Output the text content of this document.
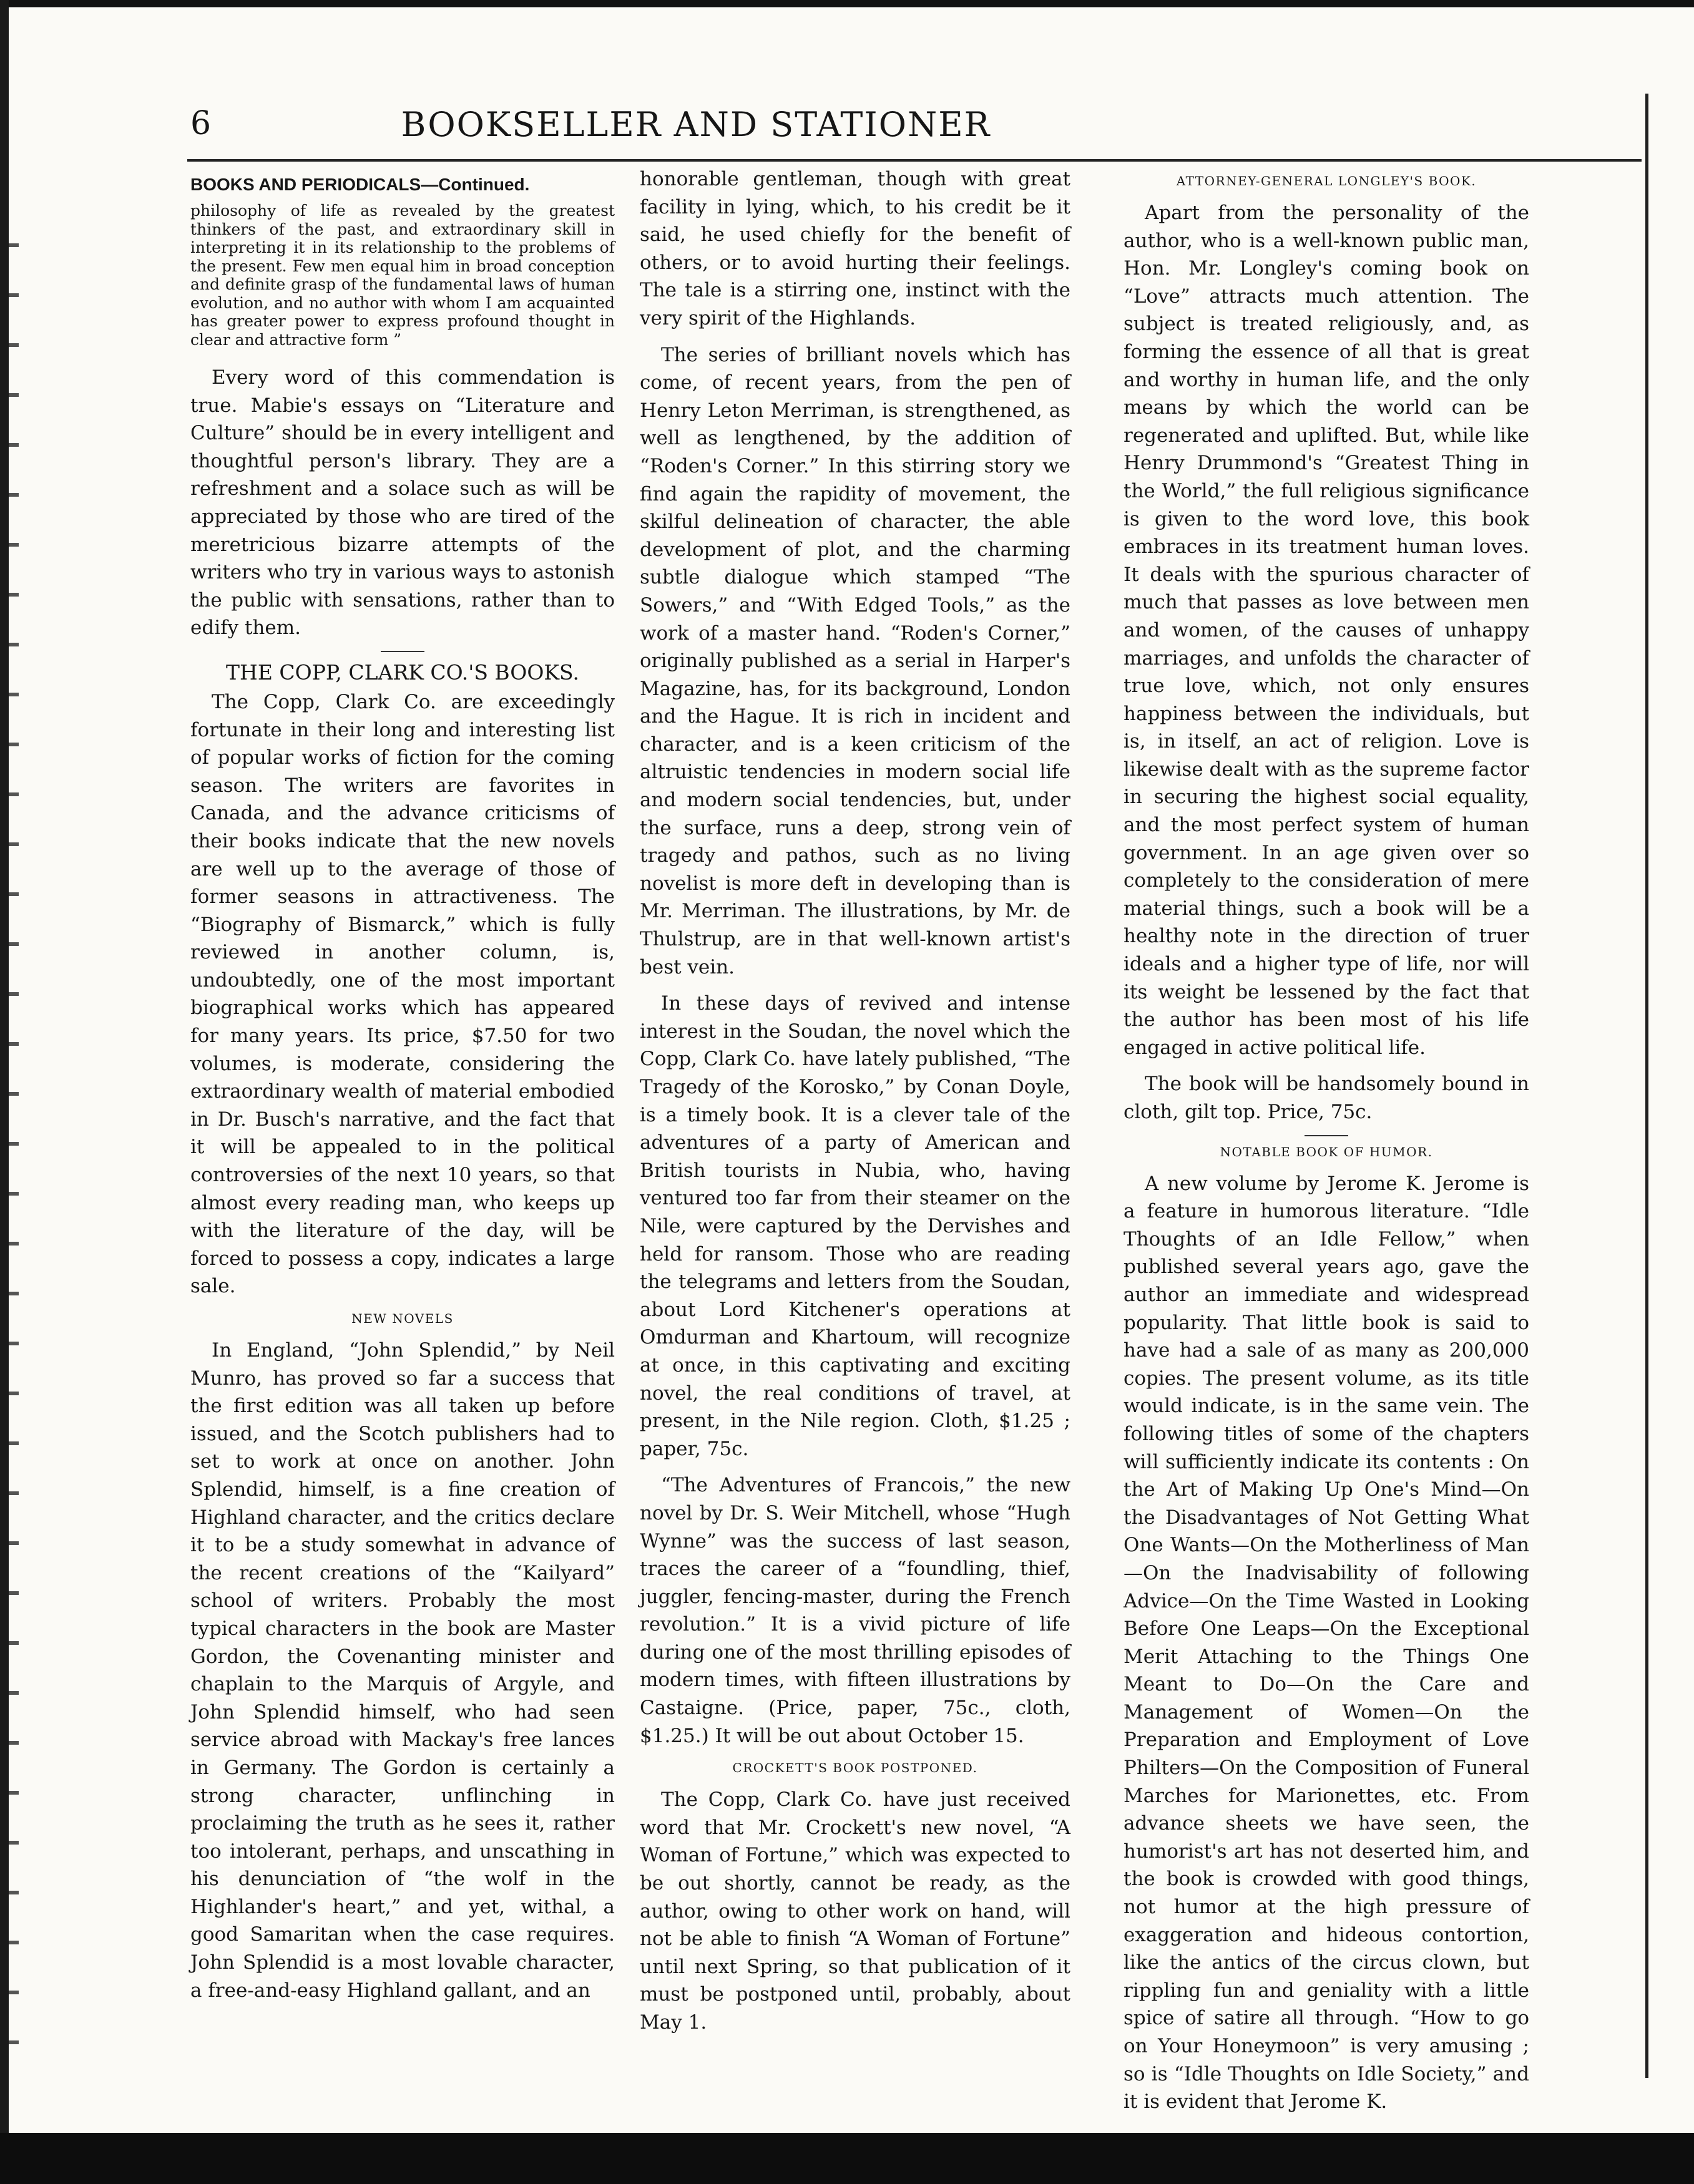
6	BOOKSELLER AND STATIONER
BOOKS AND PERIODICALS—Continued.

philosophy of life as revealed by the greatest thinkers of the past, and extraordinary skill in interpreting it in its relationship to the problems of the present. Few men equal him in broad conception and definite grasp of the fundamental laws of human evolution, and no author with whom I am acquainted has greater power to express profound thought in clear and attractive form ”

Every word of this commendation is true. Mabie's essays on “Literature and Culture” should be in every intelligent and thoughtful person's library. They are a refreshment and a solace such as will be appreciated by those who are tired of the meretricious bizarre attempts of the writers who try in various ways to astonish the public with sensations, rather than to edify them.

THE COPP, CLARK CO.'S BOOKS.

The Copp, Clark Co. are exceedingly fortunate in their long and interesting list of popular works of fiction for the coming season. The writers are favorites in Canada, and the advance criticisms of their books indicate that the new novels are well up to the average of those of former seasons in attractiveness. The “Biography of Bismarck,” which is fully reviewed in another column, is, undoubtedly, one of the most important biographical works which has appeared for many years. Its price, $7.50 for two volumes, is moderate, considering the extraordinary wealth of material embodied in Dr. Busch's narrative, and the fact that it will be appealed to in the political controversies of the next 10 years, so that almost every reading man, who keeps up with the literature of the day, will be forced to possess a copy, indicates a large sale.

NEW NOVELS

In England, “John Splendid,” by Neil Munro, has proved so far a success that the first edition was all taken up before issued, and the Scotch publishers had to set to work at once on another. John Splendid, himself, is a fine creation of Highland character, and the critics declare it to be a study somewhat in advance of the recent creations of the “Kailyard” school of writers. Probably the most typical characters in the book are Master Gordon, the Covenanting minister and chaplain to the Marquis of Argyle, and John Splendid himself, who had seen service abroad with Mackay's free lances in Germany. The Gordon is certainly a strong character, unflinching in proclaiming the truth as he sees it, rather too intolerant, perhaps, and unscathing in his denunciation of “the wolf in the Highlander's heart,” and yet, withal, a good Samaritan when the case requires. John Splendid is a most lovable character, a free-and-easy Highland gallant, and an

honorable gentleman, though with great facility in lying, which, to his credit be it said, he used chiefly for the benefit of others, or to avoid hurting their feelings. The tale is a stirring one, instinct with the very spirit of the Highlands.

The series of brilliant novels which has come, of recent years, from the pen of Henry Leton Merriman, is strengthened, as well as lengthened, by the addition of “Roden's Corner.” In this stirring story we find again the rapidity of movement, the skilful delineation of character, the able development of plot, and the charming subtle dialogue which stamped “The Sowers,” and “With Edged Tools,” as the work of a master hand. “Roden's Corner,” originally published as a serial in Harper's Magazine, has, for its background, London and the Hague. It is rich in incident and character, and is a keen criticism of the altruistic tendencies in modern social life and modern social tendencies, but, under the surface, runs a deep, strong vein of tragedy and pathos, such as no living novelist is more deft in developing than is Mr. Merriman. The illustrations, by Mr. de Thulstrup, are in that well-known artist's best vein.

In these days of revived and intense interest in the Soudan, the novel which the Copp, Clark Co. have lately published, “The Tragedy of the Korosko,” by Conan Doyle, is a timely book. It is a clever tale of the adventures of a party of American and British tourists in Nubia, who, having ventured too far from their steamer on the Nile, were captured by the Dervishes and held for ransom. Those who are reading the telegrams and letters from the Soudan, about Lord Kitchener's operations at Omdurman and Khartoum, will recognize at once, in this captivating and exciting novel, the real conditions of travel, at present, in the Nile region. Cloth, $1.25 ; paper, 75c.

“The Adventures of Francois,” the new novel by Dr. S. Weir Mitchell, whose “Hugh Wynne” was the success of last season, traces the career of a “foundling, thief, juggler, fencing-master, during the French revolution.” It is a vivid picture of life during one of the most thrilling episodes of modern times, with fifteen illustrations by Castaigne. (Price, paper, 75c., cloth, $1.25.) It will be out about October 15.

CROCKETT'S BOOK POSTPONED.

The Copp, Clark Co. have just received word that Mr. Crockett's new novel, “A Woman of Fortune,” which was expected to be out shortly, cannot be ready, as the author, owing to other work on hand, will not be able to finish “A Woman of Fortune” until next Spring, so that publication of it must be postponed until, probably, about May 1.

ATTORNEY-GENERAL LONGLEY'S BOOK.

Apart from the personality of the author, who is a well-known public man, Hon. Mr. Longley's coming book on “Love” attracts much attention. The subject is treated religiously, and, as forming the essence of all that is great and worthy in human life, and the only means by which the world can be regenerated and uplifted. But, while like Henry Drummond's “Greatest Thing in the World,” the full religious significance is given to the word love, this book embraces in its treatment human loves. It deals with the spurious character of much that passes as love between men and women, of the causes of unhappy marriages, and unfolds the character of true love, which, not only ensures happiness between the individuals, but is, in itself, an act of religion. Love is likewise dealt with as the supreme factor in securing the highest social equality, and the most perfect system of human government. In an age given over so completely to the consideration of mere material things, such a book will be a healthy note in the direction of truer ideals and a higher type of life, nor will its weight be lessened by the fact that the author has been most of his life engaged in active political life.

The book will be handsomely bound in cloth, gilt top. Price, 75c.

NOTABLE BOOK OF HUMOR.

A new volume by Jerome K. Jerome is a feature in humorous literature. “Idle Thoughts of an Idle Fellow,” when published several years ago, gave the author an immediate and widespread popularity. That little book is said to have had a sale of as many as 200,000 copies. The present volume, as its title would indicate, is in the same vein. The following titles of some of the chapters will sufficiently indicate its contents : On the Art of Making Up One's Mind—On the Disadvantages of Not Getting What One Wants—On the Motherliness of Man—On the Inadvisability of following Advice—On the Time Wasted in Looking Before One Leaps—On the Exceptional Merit Attaching to the Things One Meant to Do—On the Care and Management of Women—On the Preparation and Employment of Love Philters—On the Composition of Funeral Marches for Marionettes, etc. From advance sheets we have seen, the humorist's art has not deserted him, and the book is crowded with good things, not humor at the high pressure of exaggeration and hideous contortion, like the antics of the circus clown, but rippling fun and geniality with a little spice of satire all through. “How to go on Your Honeymoon” is very amusing ; so is “Idle Thoughts on Idle Society,” and it is evident that Jerome K.
